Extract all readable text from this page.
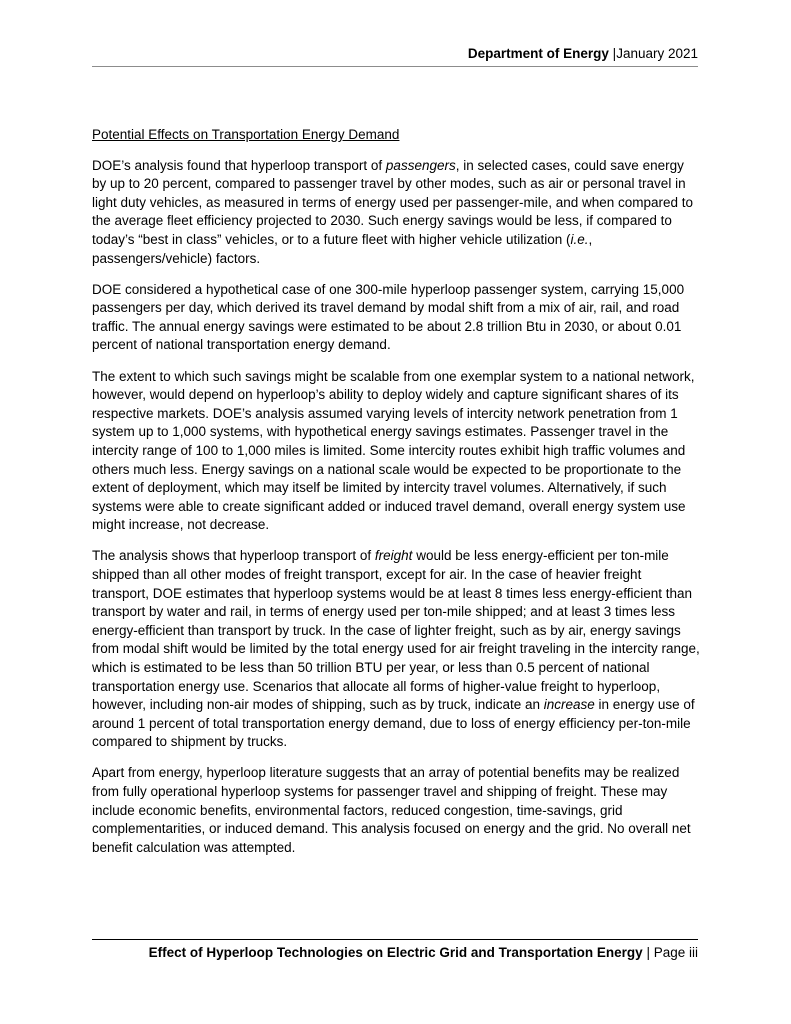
Department of Energy |January 2021

Potential Effects on Transportation Energy Demand

DOE’s analysis found that hyperloop transport of passengers, in selected cases, could save energy by up to 20 percent, compared to passenger travel by other modes, such as air or personal travel in light duty vehicles, as measured in terms of energy used per passenger-mile, and when compared to the average fleet efficiency projected to 2030. Such energy savings would be less, if compared to today’s “best in class” vehicles, or to a future fleet with higher vehicle utilization (i.e., passengers/vehicle) factors.

DOE considered a hypothetical case of one 300-mile hyperloop passenger system, carrying 15,000 passengers per day, which derived its travel demand by modal shift from a mix of air, rail, and road traffic. The annual energy savings were estimated to be about 2.8 trillion Btu in 2030, or about 0.01 percent of national transportation energy demand.

The extent to which such savings might be scalable from one exemplar system to a national network, however, would depend on hyperloop’s ability to deploy widely and capture significant shares of its respective markets. DOE’s analysis assumed varying levels of intercity network penetration from 1 system up to 1,000 systems, with hypothetical energy savings estimates. Passenger travel in the intercity range of 100 to 1,000 miles is limited. Some intercity routes exhibit high traffic volumes and others much less. Energy savings on a national scale would be expected to be proportionate to the extent of deployment, which may itself be limited by intercity travel volumes. Alternatively, if such systems were able to create significant added or induced travel demand, overall energy system use might increase, not decrease.

The analysis shows that hyperloop transport of freight would be less energy-efficient per ton-mile shipped than all other modes of freight transport, except for air. In the case of heavier freight transport, DOE estimates that hyperloop systems would be at least 8 times less energy-efficient than transport by water and rail, in terms of energy used per ton-mile shipped; and at least 3 times less energy-efficient than transport by truck. In the case of lighter freight, such as by air, energy savings from modal shift would be limited by the total energy used for air freight traveling in the intercity range, which is estimated to be less than 50 trillion BTU per year, or less than 0.5 percent of national transportation energy use. Scenarios that allocate all forms of higher-value freight to hyperloop, however, including non-air modes of shipping, such as by truck, indicate an increase in energy use of around 1 percent of total transportation energy demand, due to loss of energy efficiency per-ton-mile compared to shipment by trucks.

Apart from energy, hyperloop literature suggests that an array of potential benefits may be realized from fully operational hyperloop systems for passenger travel and shipping of freight. These may include economic benefits, environmental factors, reduced congestion, time-savings, grid complementarities, or induced demand. This analysis focused on energy and the grid. No overall net benefit calculation was attempted.

Effect of Hyperloop Technologies on Electric Grid and Transportation Energy | Page iii
